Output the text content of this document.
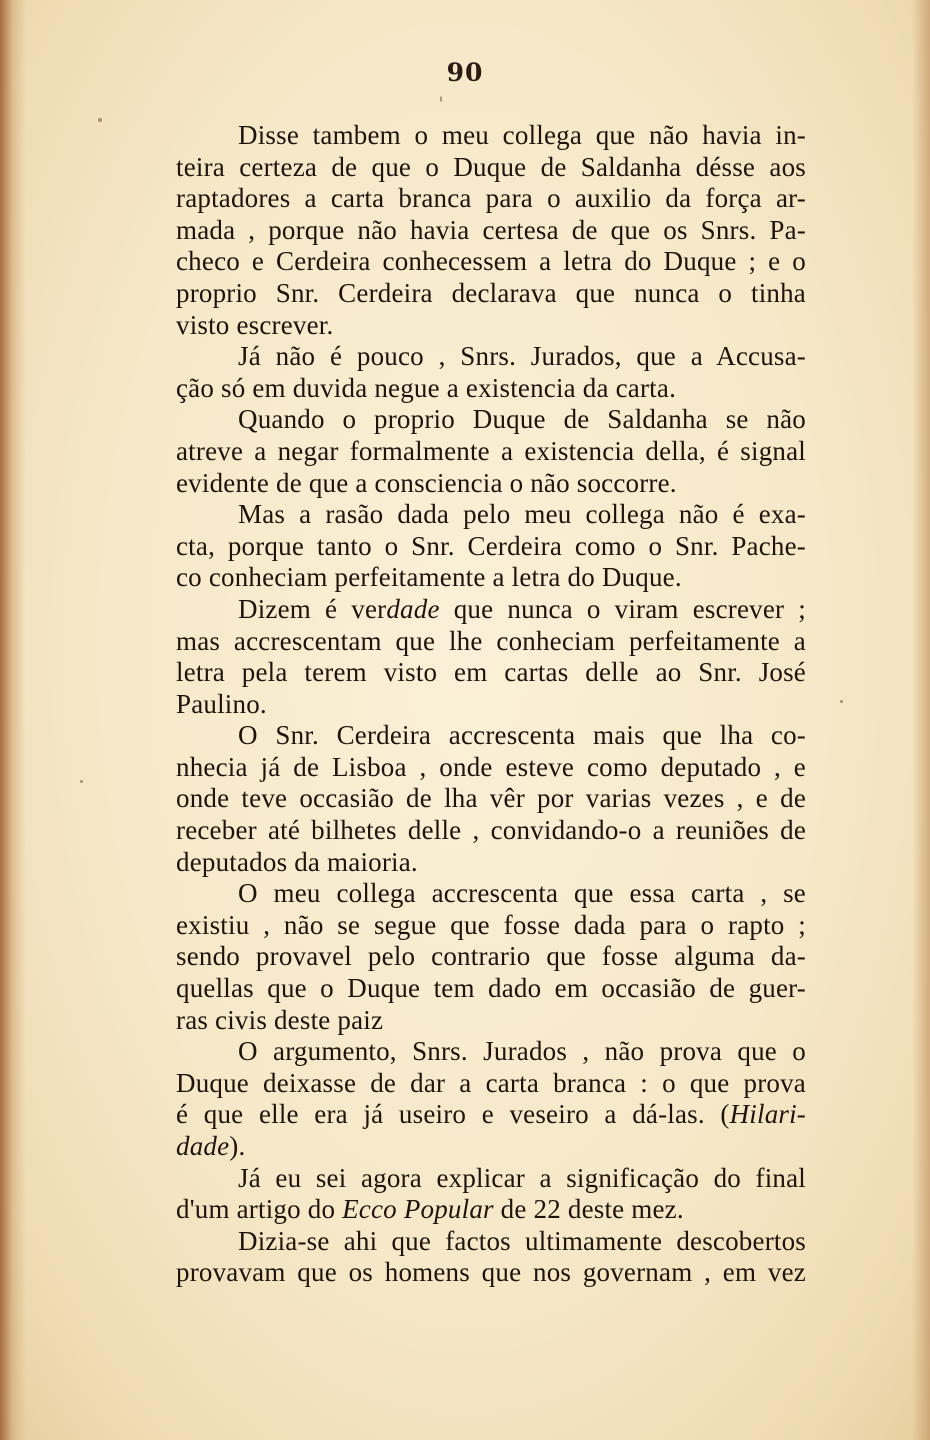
90
Disse tambem o meu collega que não havia in-
teira certeza de que o Duque de Saldanha désse aos
raptadores a carta branca para o auxilio da força ar-
mada , porque não havia certesa de que os Snrs. Pa-
checo e Cerdeira conhecessem a letra do Duque ; e o
proprio Snr. Cerdeira declarava que nunca o tinha
visto escrever.
Já não é pouco , Snrs. Jurados, que a Accusa-
ção só em duvida negue a existencia da carta.
Quando o proprio Duque de Saldanha se não
atreve a negar formalmente a existencia della, é signal
evidente de que a consciencia o não soccorre.
Mas a rasão dada pelo meu collega não é exa-
cta, porque tanto o Snr. Cerdeira como o Snr. Pache-
co conheciam perfeitamente a letra do Duque.
Dizem é verdade que nunca o viram escrever ;
mas accrescentam que lhe conheciam perfeitamente a
letra pela terem visto em cartas delle ao Snr. José
Paulino.
O Snr. Cerdeira accrescenta mais que lha co-
nhecia já de Lisboa , onde esteve como deputado , e
onde teve occasião de lha vêr por varias vezes , e de
receber até bilhetes delle , convidando-o a reuniões de
deputados da maioria.
O meu collega accrescenta que essa carta , se
existiu , não se segue que fosse dada para o rapto ;
sendo provavel pelo contrario que fosse alguma da-
quellas que o Duque tem dado em occasião de guer-
ras civis deste paiz
O argumento, Snrs. Jurados , não prova que o
Duque deixasse de dar a carta branca : o que prova
é que elle era já useiro e veseiro a dá-las. (Hilari-
dade).
Já eu sei agora explicar a significação do final
d'um artigo do Ecco Popular de 22 deste mez.
Dizia-se ahi que factos ultimamente descobertos
provavam que os homens que nos governam , em vez
